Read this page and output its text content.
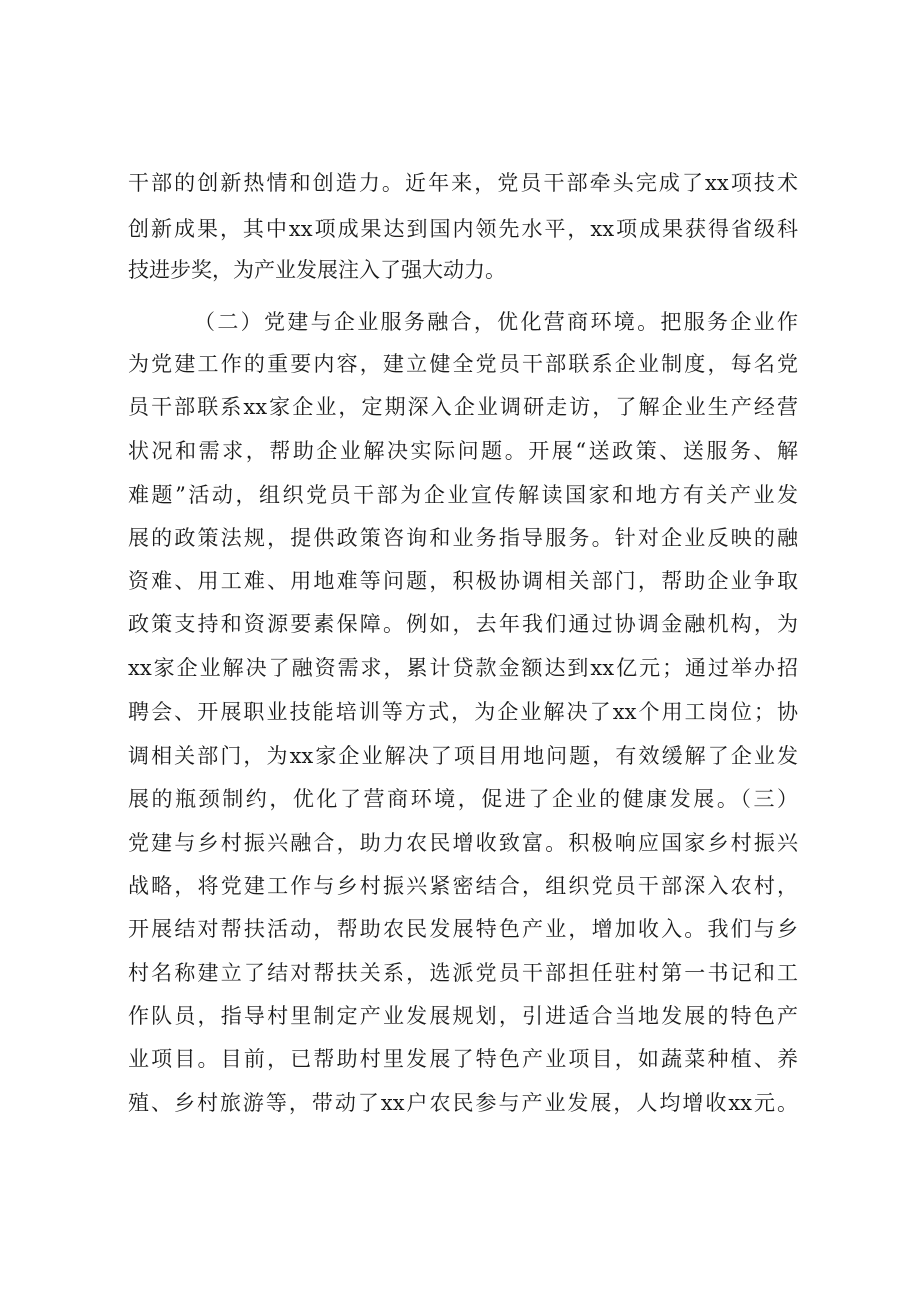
干部的创新热情和创造力。近年来，党员干部牵头完成了xx项技术
创新成果，其中xx项成果达到国内领先水平，xx项成果获得省级科
技进步奖，为产业发展注入了强大动力。
（二）党建与企业服务融合，优化营商环境。把服务企业作
为党建工作的重要内容，建立健全党员干部联系企业制度，每名党
员干部联系xx家企业，定期深入企业调研走访，了解企业生产经营
状况和需求，帮助企业解决实际问题。开展“送政策、送服务、解
难题”活动，组织党员干部为企业宣传解读国家和地方有关产业发
展的政策法规，提供政策咨询和业务指导服务。针对企业反映的融
资难、用工难、用地难等问题，积极协调相关部门，帮助企业争取
政策支持和资源要素保障。例如，去年我们通过协调金融机构，为
xx家企业解决了融资需求，累计贷款金额达到xx亿元；通过举办招
聘会、开展职业技能培训等方式，为企业解决了xx个用工岗位；协
调相关部门，为xx家企业解决了项目用地问题，有效缓解了企业发
展的瓶颈制约，优化了营商环境，促进了企业的健康发展。（三）
党建与乡村振兴融合，助力农民增收致富。积极响应国家乡村振兴
战略，将党建工作与乡村振兴紧密结合，组织党员干部深入农村，
开展结对帮扶活动，帮助农民发展特色产业，增加收入。我们与乡
村名称建立了结对帮扶关系，选派党员干部担任驻村第一书记和工
作队员，指导村里制定产业发展规划，引进适合当地发展的特色产
业项目。目前，已帮助村里发展了特色产业项目，如蔬菜种植、养
殖、乡村旅游等，带动了xx户农民参与产业发展，人均增收xx元。
